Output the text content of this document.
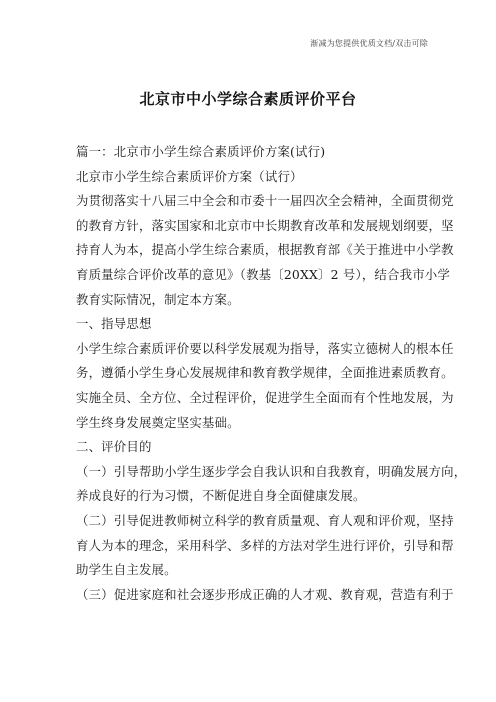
渐减为您提供优质文档/双击可除
北京市中小学综合素质评价平台

篇一：北京市小学生综合素质评价方案(试行)

北京市小学生综合素质评价方案（试行）

为贯彻落实十八届三中全会和市委十一届四次全会精神，全面贯彻党

的教育方针，落实国家和北京市中长期教育改革和发展规划纲要，坚

持育人为本，提高小学生综合素质，根据教育部《关于推进中小学教

育质量综合评价改革的意见》（教基〔20XX〕2 号），结合我市小学

教育实际情况，制定本方案。

一、指导思想

小学生综合素质评价要以科学发展观为指导，落实立德树人的根本任

务，遵循小学生身心发展规律和教育教学规律，全面推进素质教育。

实施全员、全方位、全过程评价，促进学生全面而有个性地发展，为

学生终身发展奠定坚实基础。

二、评价目的

（一）引导帮助小学生逐步学会自我认识和自我教育，明确发展方向，

养成良好的行为习惯，不断促进自身全面健康发展。

（二）引导促进教师树立科学的教育质量观、育人观和评价观，坚持

育人为本的理念，采用科学、多样的方法对学生进行评价，引导和帮

助学生自主发展。

（三）促进家庭和社会逐步形成正确的人才观、教育观，营造有利于
